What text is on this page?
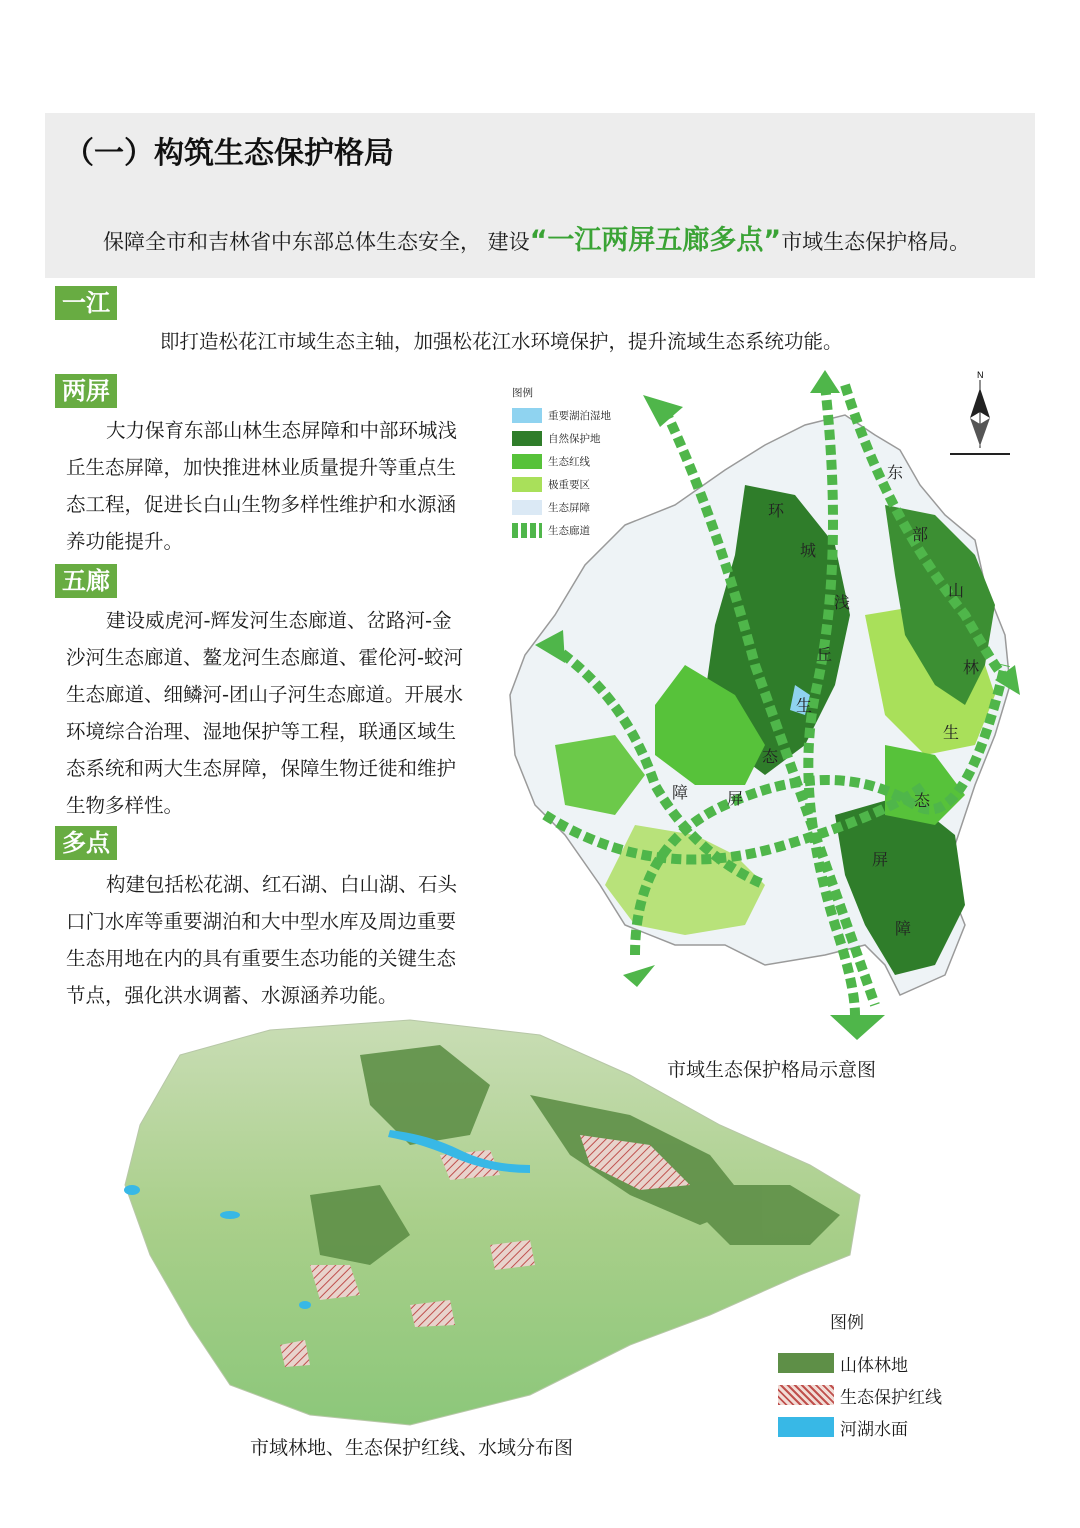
（一）构筑生态保护格局
保障全市和吉林省中东部总体生态安全， 建设“一江两屏五廊多点”市域生态保护格局。
一江
即打造松花江市域生态主轴，加强松花江水环境保护，提升流域生态系统功能。
两屏

大力保育东部山林生态屏障和中部环城浅

丘生态屏障，加快推进林业质量提升等重点生

态工程，促进长白山生物多样性维护和水源涵

养功能提升。

五廊

建设威虎河-辉发河生态廊道、岔路河-金

沙河生态廊道、鳌龙河生态廊道、霍伦河-蛟河

生态廊道、细鳞河-团山子河生态廊道。开展水

环境综合治理、湿地保护等工程，联通区域生

态系统和两大生态屏障，保障生物迁徙和维护

生物多样性。

多点

构建包括松花湖、红石湖、白山湖、石头

口门水库等重要湖泊和大中型水库及周边重要

生态用地在内的具有重要生态功能的关键生态

节点，强化洪水调蓄、水源涵养功能。

图例
重要湖泊湿地
自然保护地
生态红线
极重要区
生态屏障
生态廊道
N
东
部
山
林
生
态
屏
障
环
城
浅
丘
生
态
屏
障
市域生态保护格局示意图
图例
山体林地
生态保护红线
河湖水面
市域林地、生态保护红线、水域分布图
